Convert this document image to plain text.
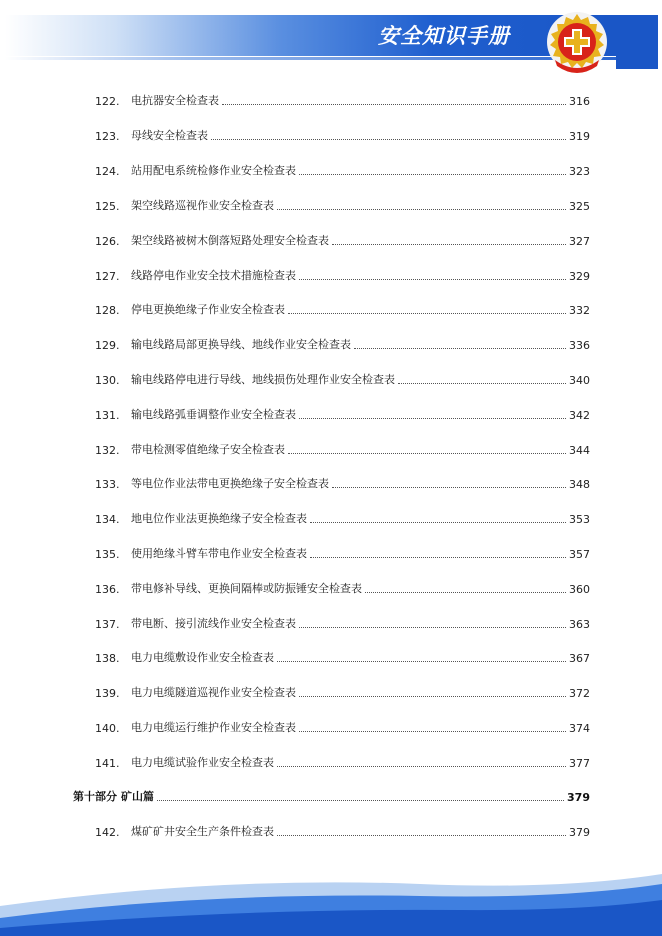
安全知识手册
122.	电抗器安全检查表	316
123.	母线安全检查表	319
124.	站用配电系统检修作业安全检查表	323
125.	架空线路巡视作业安全检查表	325
126.	架空线路被树木倒落短路处理安全检查表	327
127.	线路停电作业安全技术措施检查表	329
128.	停电更换绝缘子作业安全检查表	332
129.	输电线路局部更换导线、地线作业安全检查表	336
130.	输电线路停电进行导线、地线损伤处理作业安全检查表	340
131.	输电线路弧垂调整作业安全检查表	342
132.	带电检测零值绝缘子安全检查表	344
133.	等电位作业法带电更换绝缘子安全检查表	348
134.	地电位作业法更换绝缘子安全检查表	353
135.	使用绝缘斗臂车带电作业安全检查表	357
136.	带电修补导线、更换间隔棒或防振锤安全检查表	360
137.	带电断、接引流线作业安全检查表	363
138.	电力电缆敷设作业安全检查表	367
139.	电力电缆隧道巡视作业安全检查表	372
140.	电力电缆运行维护作业安全检查表	374
141.	电力电缆试验作业安全检查表	377
第十部分 矿山篇	379
142.	煤矿矿井安全生产条件检查表	379
